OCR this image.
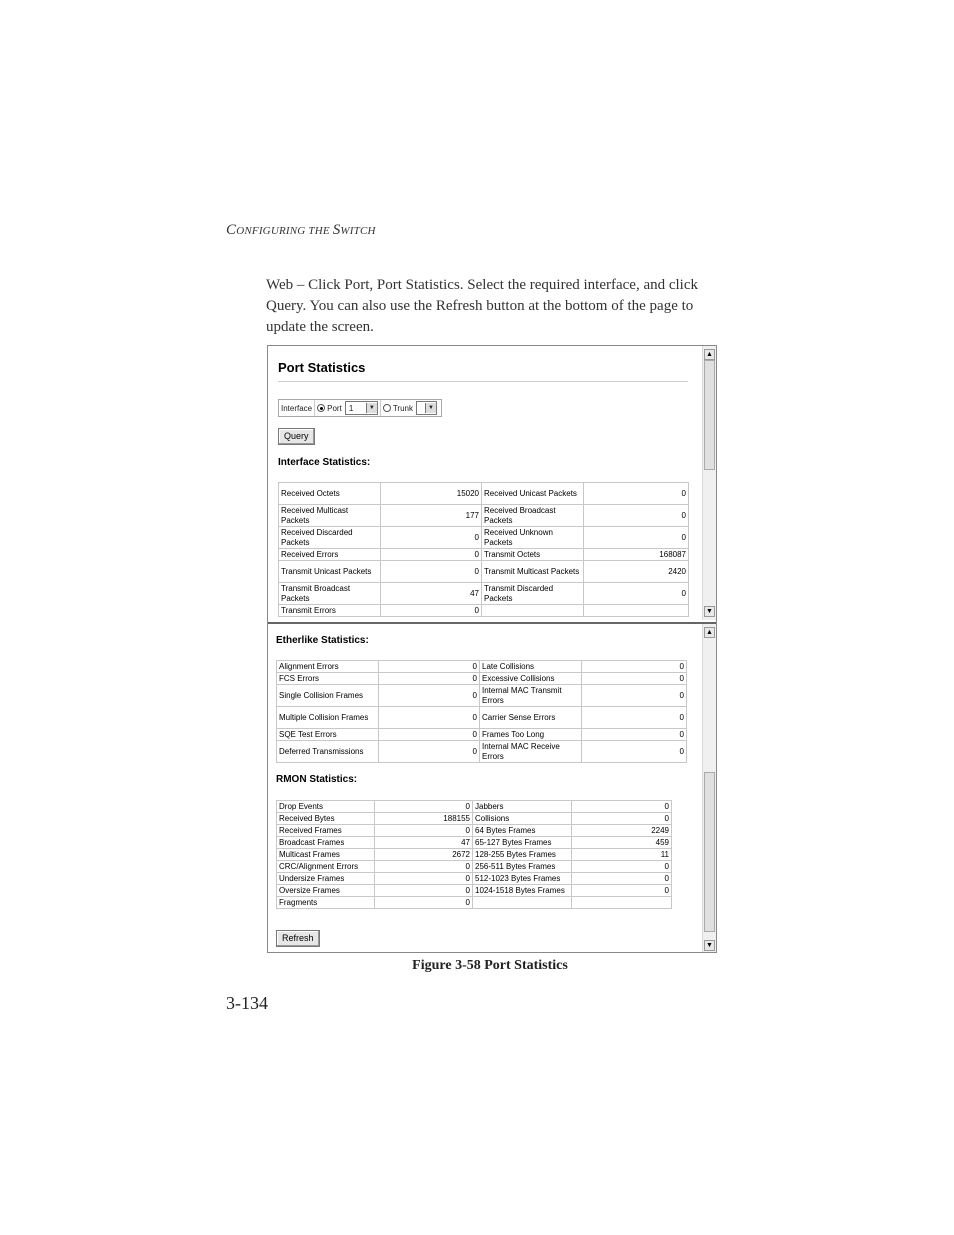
CONFIGURING THE SWITCH
Web – Click Port, Port Statistics. Select the required interface, and click Query. You can also use the Refresh button at the bottom of the page to update the screen.
Port Statistics
Interface	Port 1	▼ Trunk	▼
Query
Interface Statistics:
Received Octets	15020	Received Unicast Packets	0
Received Multicast Packets	177	Received Broadcast Packets	0
Received Discarded Packets	0	Received Unknown Packets	0
Received Errors	0	Transmit Octets	168087
Transmit Unicast Packets	0	Transmit Multicast Packets	2420
Transmit Broadcast Packets	47	Transmit Discarded Packets	0
Transmit Errors	0		
▲
▼
Etherlike Statistics:
Alignment Errors	0	Late Collisions	0
FCS Errors	0	Excessive Collisions	0
Single Collision Frames	0	Internal MAC Transmit Errors	0
Multiple Collision Frames	0	Carrier Sense Errors	0
SQE Test Errors	0	Frames Too Long	0
Deferred Transmissions	0	Internal MAC Receive Errors	0
RMON Statistics:
Drop Events	0	Jabbers	0
Received Bytes	188155	Collisions	0
Received Frames	0	64 Bytes Frames	2249
Broadcast Frames	47	65-127 Bytes Frames	459
Multicast Frames	2672	128-255 Bytes Frames	11
CRC/Alignment Errors	0	256-511 Bytes Frames	0
Undersize Frames	0	512-1023 Bytes Frames	0
Oversize Frames	0	1024-1518 Bytes Frames	0
Fragments	0		
Refresh
▲
▼
Figure 3-58 Port Statistics
3-134
